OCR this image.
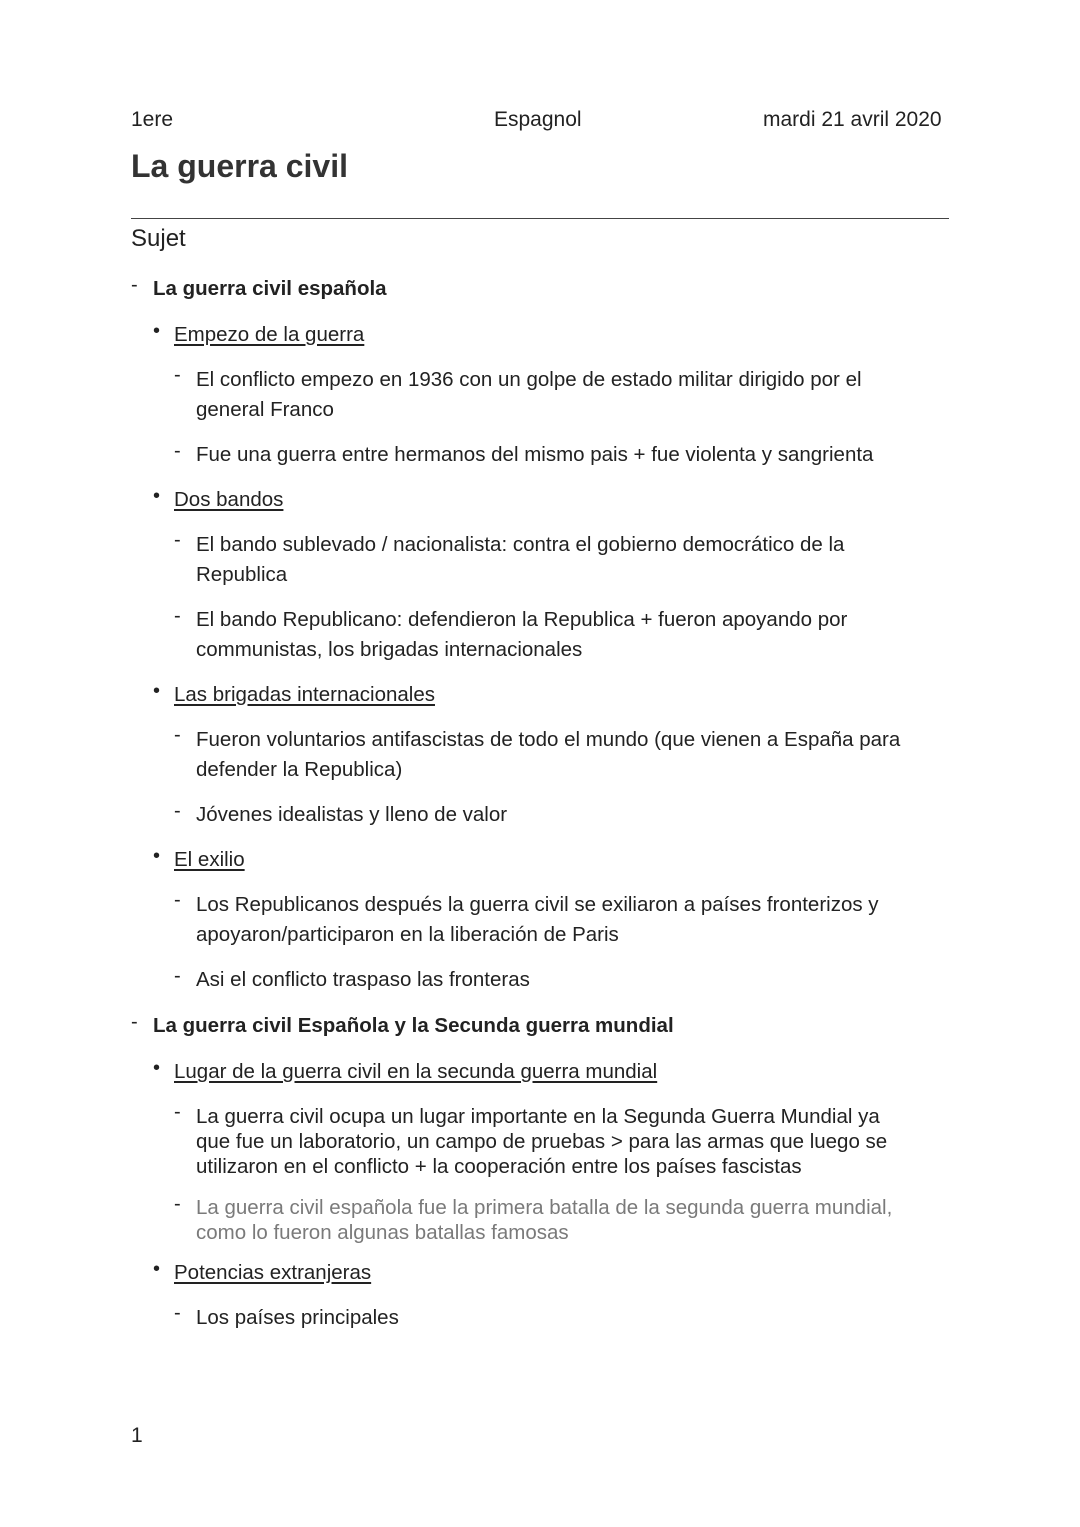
1ere	Espagnol	mardi 21 avril 2020
La guerra civil
Sujet
- La guerra civil española
• Empezo de la guerra
- El conflicto empezo en 1936 con un golpe de estado militar dirigido por el
general Franco
- Fue una guerra entre hermanos del mismo pais + fue violenta y sangrienta
• Dos bandos
- El bando sublevado / nacionalista: contra el gobierno democrático de la
Republica
- El bando Republicano: defendieron la Republica + fueron apoyando por
communistas, los brigadas internacionales
• Las brigadas internacionales
- Fueron voluntarios antifascistas de todo el mundo (que vienen a España para
defender la Republica)
- Jóvenes idealistas y lleno de valor
• El exilio
- Los Republicanos después la guerra civil se exiliaron a países fronterizos y
apoyaron/participaron en la liberación de Paris
- Asi el conflicto traspaso las fronteras
- La guerra civil Española y la Secunda guerra mundial
• Lugar de la guerra civil en la secunda guerra mundial
- La guerra civil ocupa un lugar importante en la Segunda Guerra Mundial ya
que fue un laboratorio, un campo de pruebas > para las armas que luego se
utilizaron en el conflicto + la cooperación entre los países fascistas
- La guerra civil española fue la primera batalla de la segunda guerra mundial,
como lo fueron algunas batallas famosas
• Potencias extranjeras
- Los países principales
1
